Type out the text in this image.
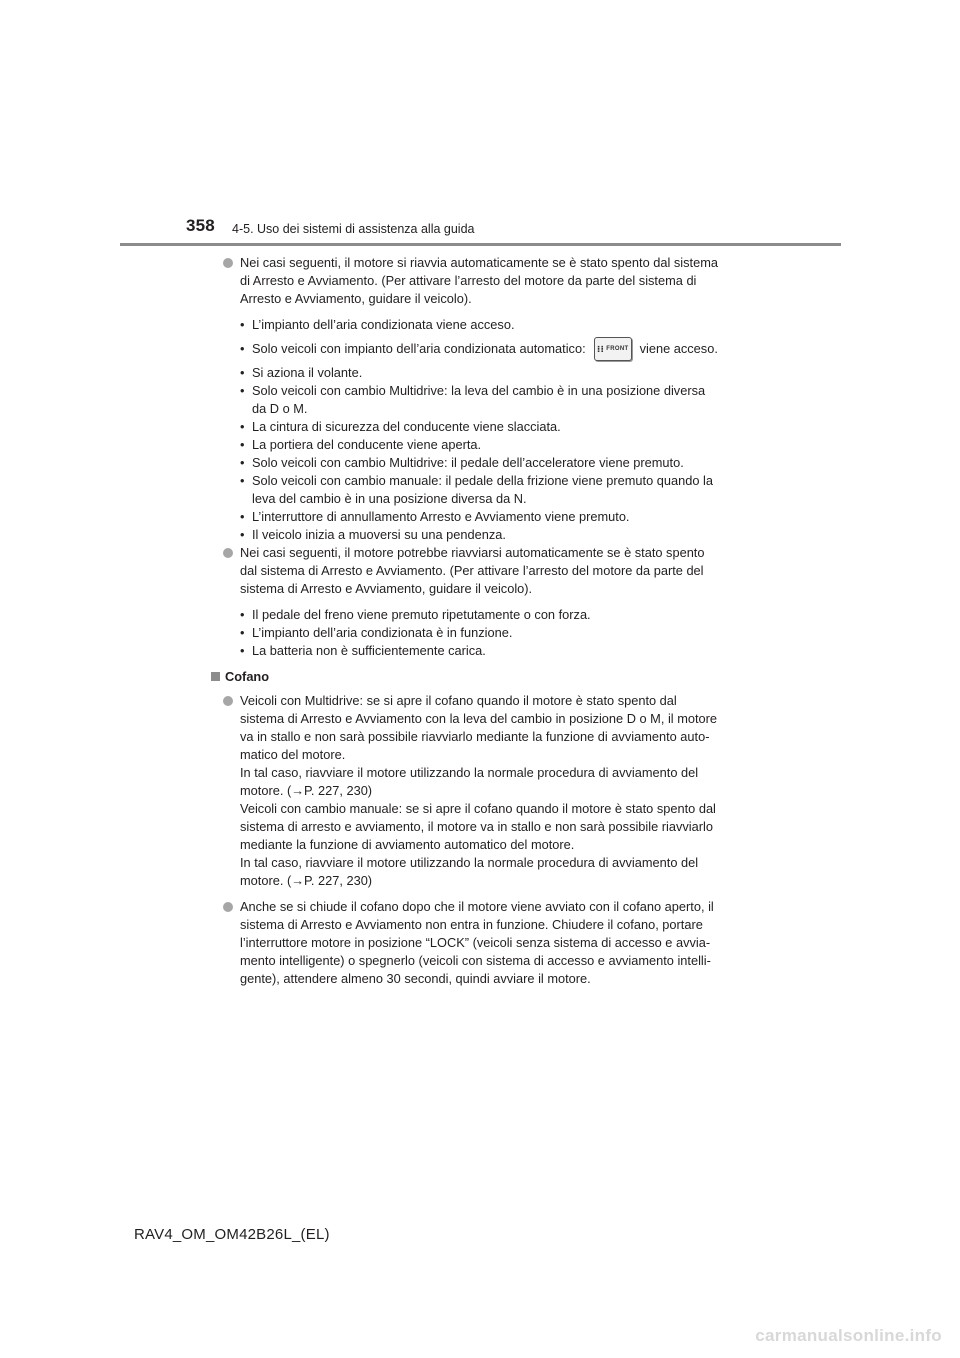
358 4-5. Uso dei sistemi di assistenza alla guida
Nei casi seguenti, il motore si riavvia automaticamente se è stato spento dal sistema
di Arresto e Avviamento. (Per attivare l’arresto del motore da parte del sistema di
Arresto e Avviamento, guidare il veicolo).
• L’impianto dell’aria condizionata viene acceso.
• Solo veicoli con impianto dell’aria condizionata automatico: ⁝⁝ FRONT viene acceso.
• Si aziona il volante.
• Solo veicoli con cambio Multidrive: la leva del cambio è in una posizione diversa
da D o M.
• La cintura di sicurezza del conducente viene slacciata.
• La portiera del conducente viene aperta.
• Solo veicoli con cambio Multidrive: il pedale dell’acceleratore viene premuto.
• Solo veicoli con cambio manuale: il pedale della frizione viene premuto quando la
leva del cambio è in una posizione diversa da N.
• L’interruttore di annullamento Arresto e Avviamento viene premuto.
• Il veicolo inizia a muoversi su una pendenza.
Nei casi seguenti, il motore potrebbe riavviarsi automaticamente se è stato spento
dal sistema di Arresto e Avviamento. (Per attivare l’arresto del motore da parte del
sistema di Arresto e Avviamento, guidare il veicolo).
• Il pedale del freno viene premuto ripetutamente o con forza.
• L’impianto dell’aria condizionata è in funzione.
• La batteria non è sufficientemente carica.
Cofano
Veicoli con Multidrive: se si apre il cofano quando il motore è stato spento dal
sistema di Arresto e Avviamento con la leva del cambio in posizione D o M, il motore
va in stallo e non sarà possibile riavviarlo mediante la funzione di avviamento auto-
matico del motore.
In tal caso, riavviare il motore utilizzando la normale procedura di avviamento del
motore. (→P. 227, 230)
Veicoli con cambio manuale: se si apre il cofano quando il motore è stato spento dal
sistema di arresto e avviamento, il motore va in stallo e non sarà possibile riavviarlo
mediante la funzione di avviamento automatico del motore.
In tal caso, riavviare il motore utilizzando la normale procedura di avviamento del
motore. (→P. 227, 230)
Anche se si chiude il cofano dopo che il motore viene avviato con il cofano aperto, il
sistema di Arresto e Avviamento non entra in funzione. Chiudere il cofano, portare
l’interruttore motore in posizione “LOCK” (veicoli senza sistema di accesso e avvia-
mento intelligente) o spegnerlo (veicoli con sistema di accesso e avviamento intelli-
gente), attendere almeno 30 secondi, quindi avviare il motore.
RAV4_OM_OM42B26L_(EL)
carmanualsonline.info
